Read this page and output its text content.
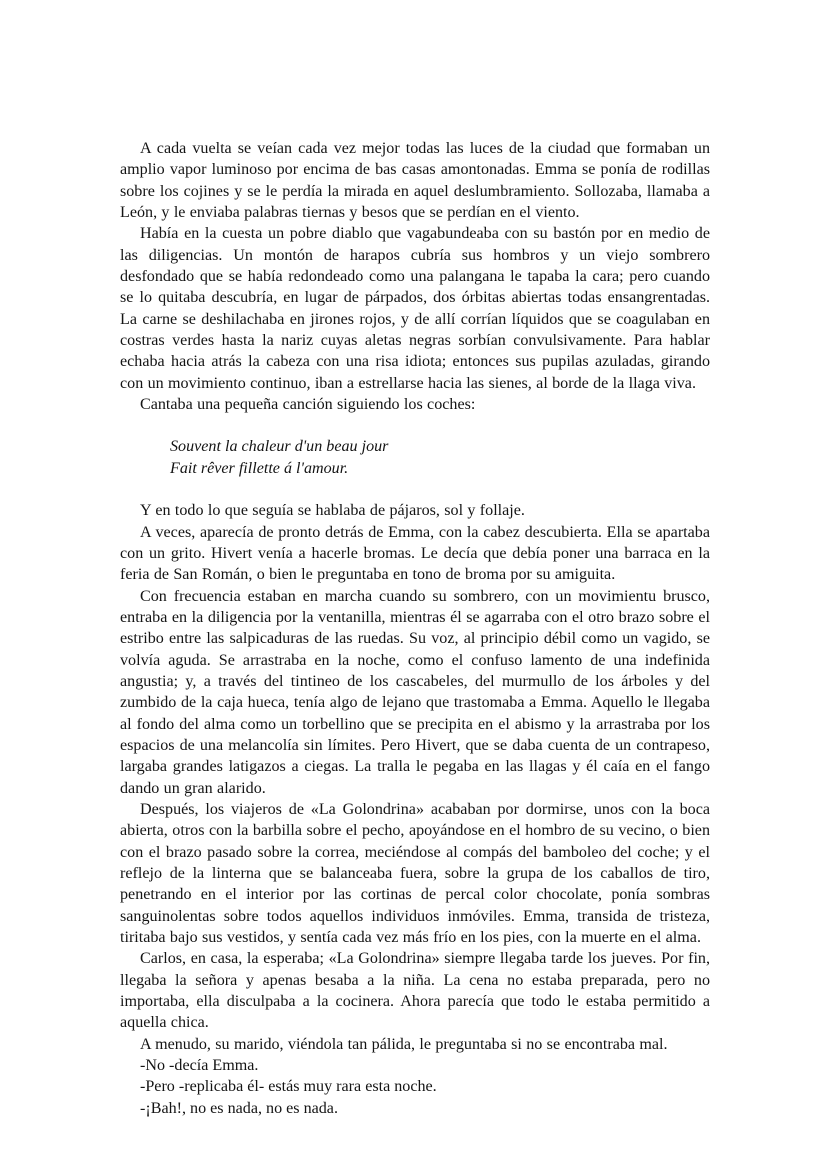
A cada vuelta se veían cada vez mejor todas las luces de la ciudad que formaban un amplio vapor luminoso por encima de bas casas amontonadas. Emma se ponía de rodillas sobre los cojines y se le perdía la mirada en aquel deslumbramiento. Sollozaba, llamaba a León, y le enviaba palabras tiernas y besos que se perdían en el viento.

Había en la cuesta un pobre diablo que vagabundeaba con su bastón por en medio de las diligencias. Un montón de harapos cubría sus hombros y un viejo sombrero desfondado que se había redondeado como una palangana le tapaba la cara; pero cuando se lo quitaba descubría, en lugar de párpados, dos órbitas abiertas todas ensangrentadas. La carne se deshilachaba en jirones rojos, y de allí corrían líquidos que se coagulaban en costras verdes hasta la nariz cuyas aletas negras sorbían convulsivamente. Para hablar echaba hacia atrás la cabeza con una risa idiota; entonces sus pupilas azuladas, girando con un movimiento continuo, iban a estrellarse hacia las sienes, al borde de la llaga viva.

Cantaba una pequeña canción siguiendo los coches:

Souvent la chaleur d'un beau jour
Fait rêver fillette á l'amour.

Y en todo lo que seguía se hablaba de pájaros, sol y follaje.

A veces, aparecía de pronto detrás de Emma, con la cabez descubierta. Ella se apartaba con un grito. Hivert venía a hacerle bromas. Le decía que debía poner una barraca en la feria de San Román, o bien le preguntaba en tono de broma por su amiguita.

Con frecuencia estaban en marcha cuando su sombrero, con un movimientu brusco, entraba en la diligencia por la ventanilla, mientras él se agarraba con el otro brazo sobre el estribo entre las salpicaduras de las ruedas. Su voz, al principio débil como un vagido, se volvía aguda. Se arrastraba en la noche, como el confuso lamento de una indefinida angustia; y, a través del tintineo de los cascabeles, del murmullo de los árboles y del zumbido de la caja hueca, tenía algo de lejano que trastomaba a Emma. Aquello le llegaba al fondo del alma como un torbellino que se precipita en el abismo y la arrastraba por los espacios de una melancolía sin límites. Pero Hivert, que se daba cuenta de un contrapeso, largaba grandes latigazos a ciegas. La tralla le pegaba en las llagas y él caía en el fango dando un gran alarido.

Después, los viajeros de «La Golondrina» acababan por dormirse, unos con la boca abierta, otros con la barbilla sobre el pecho, apoyándose en el hombro de su vecino, o bien con el brazo pasado sobre la correa, meciéndose al compás del bamboleo del coche; y el reflejo de la linterna que se balanceaba fuera, sobre la grupa de los caballos de tiro, penetrando en el interior por las cortinas de percal color chocolate, ponía sombras sanguinolentas sobre todos aquellos individuos inmóviles. Emma, transida de tristeza, tiritaba bajo sus vestidos, y sentía cada vez más frío en los pies, con la muerte en el alma.

Carlos, en casa, la esperaba; «La Golondrina» siempre llegaba tarde los jueves. Por fin, llegaba la señora y apenas besaba a la niña. La cena no estaba preparada, pero no importaba, ella disculpaba a la cocinera. Ahora parecía que todo le estaba permitido a aquella chica.

A menudo, su marido, viéndola tan pálida, le preguntaba si no se encontraba mal.

-No -decía Emma.

-Pero -replicaba él- estás muy rara esta noche.

-¡Bah!, no es nada, no es nada.
